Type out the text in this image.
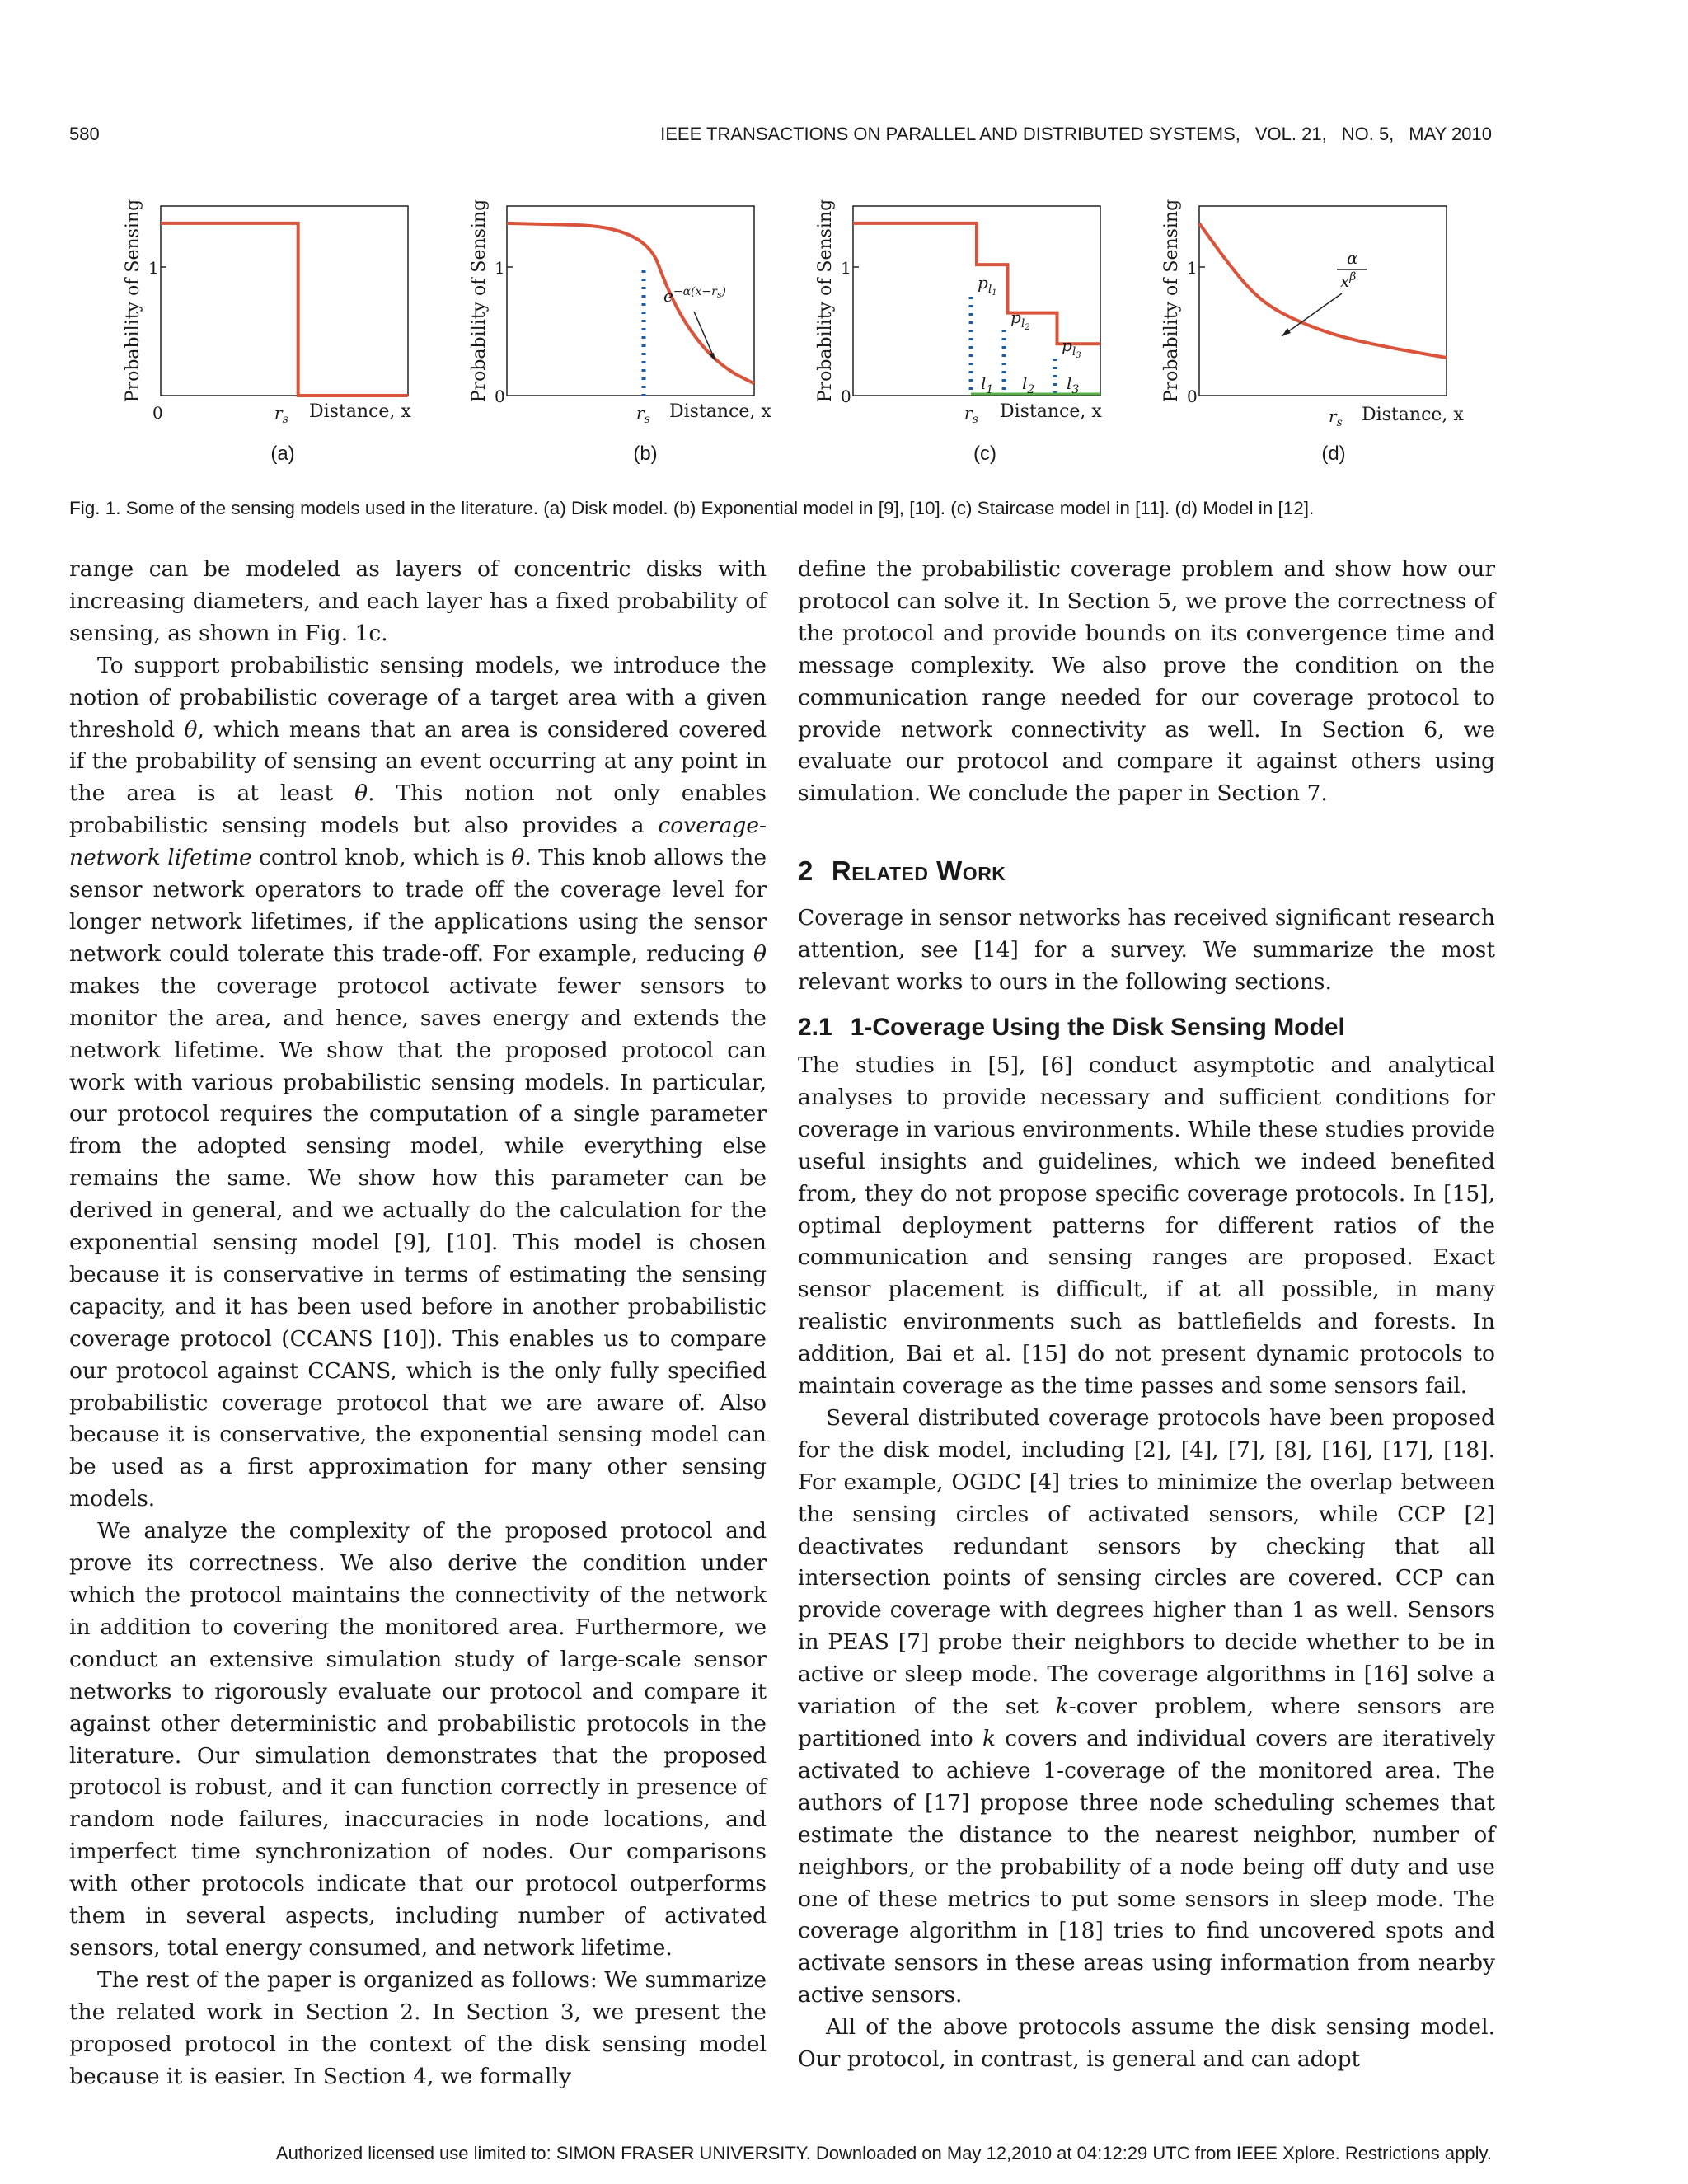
580	IEEE TRANSACTIONS ON PARALLEL AND DISTRIBUTED SYSTEMS, VOL. 21, NO. 5, MAY 2010
Probability of Sensing 1
0	$r_s$ Distance, x
(a)
Probability of Sensing 1
0
$r_s$ Distance, x
$e^{-\alpha(x-r}s$)
(b)
Probability of Sensing 1
0
$r_s$ Distance, x
$p_l1$
$p_l2$
$p_l3$
$l_1$ $l_2$ $l_3$
(c)
Probability of Sensing 1
0
$r_s$ Distance, x
α
$x^\beta$
(d)
Fig. 1. Some of the sensing models used in the literature. (a) Disk model. (b) Exponential model in [9], [10]. (c) Staircase model in [11]. (d) Model in [12].

range can be modeled as layers of concentric disks with increasing diameters, and each layer has a fixed probability of sensing, as shown in Fig. 1c.

To support probabilistic sensing models, we introduce the notion of probabilistic coverage of a target area with a given threshold θ, which means that an area is considered covered if the probability of sensing an event occurring at any point in the area is at least θ. This notion not only enables probabilistic sensing models but also provides a coverage-network lifetime control knob, which is θ. This knob allows the sensor network operators to trade off the coverage level for longer network lifetimes, if the applications using the sensor network could tolerate this trade-off. For example, reducing θ makes the coverage protocol activate fewer sensors to monitor the area, and hence, saves energy and extends the network lifetime. We show that the proposed protocol can work with various probabilistic sensing models. In particular, our protocol requires the computation of a single parameter from the adopted sensing model, while everything else remains the same. We show how this parameter can be derived in general, and we actually do the calculation for the exponential sensing model [9], [10]. This model is chosen because it is conservative in terms of estimating the sensing capacity, and it has been used before in another probabilistic coverage protocol (CCANS [10]). This enables us to compare our protocol against CCANS, which is the only fully specified probabilistic coverage protocol that we are aware of. Also because it is conservative, the exponential sensing model can be used as a first approximation for many other sensing models.

We analyze the complexity of the proposed protocol and prove its correctness. We also derive the condition under which the protocol maintains the connectivity of the network in addition to covering the monitored area. Furthermore, we conduct an extensive simulation study of large-scale sensor networks to rigorously evaluate our protocol and compare it against other deterministic and probabilistic protocols in the literature. Our simulation demonstrates that the proposed protocol is robust, and it can function correctly in presence of random node failures, inaccuracies in node locations, and imperfect time synchronization of nodes. Our comparisons with other protocols indicate that our protocol outperforms them in several aspects, including number of activated sensors, total energy consumed, and network lifetime.

The rest of the paper is organized as follows: We summarize the related work in Section 2. In Section 3, we present the proposed protocol in the context of the disk sensing model because it is easier. In Section 4, we formally

define the probabilistic coverage problem and show how our protocol can solve it. In Section 5, we prove the correctness of the protocol and provide bounds on its convergence time and message complexity. We also prove the condition on the communication range needed for our coverage protocol to provide network connectivity as well. In Section 6, we evaluate our protocol and compare it against others using simulation. We conclude the paper in Section 7.

2 Related Work

Coverage in sensor networks has received significant research attention, see [14] for a survey. We summarize the most relevant works to ours in the following sections.

2.1 1-Coverage Using the Disk Sensing Model

The studies in [5], [6] conduct asymptotic and analytical analyses to provide necessary and sufficient conditions for coverage in various environments. While these studies provide useful insights and guidelines, which we indeed benefited from, they do not propose specific coverage protocols. In [15], optimal deployment patterns for different ratios of the communication and sensing ranges are proposed. Exact sensor placement is difficult, if at all possible, in many realistic environments such as battlefields and forests. In addition, Bai et al. [15] do not present dynamic protocols to maintain coverage as the time passes and some sensors fail.

Several distributed coverage protocols have been proposed for the disk model, including [2], [4], [7], [8], [16], [17], [18]. For example, OGDC [4] tries to minimize the overlap between the sensing circles of activated sensors, while CCP [2] deactivates redundant sensors by checking that all intersection points of sensing circles are covered. CCP can provide coverage with degrees higher than 1 as well. Sensors in PEAS [7] probe their neighbors to decide whether to be in active or sleep mode. The coverage algorithms in [16] solve a variation of the set k-cover problem, where sensors are partitioned into k covers and individual covers are iteratively activated to achieve 1-coverage of the monitored area. The authors of [17] propose three node scheduling schemes that estimate the distance to the nearest neighbor, number of neighbors, or the probability of a node being off duty and use one of these metrics to put some sensors in sleep mode. The coverage algorithm in [18] tries to find uncovered spots and activate sensors in these areas using information from nearby active sensors.

All of the above protocols assume the disk sensing model. Our protocol, in contrast, is general and can adopt

Authorized licensed use limited to: SIMON FRASER UNIVERSITY. Downloaded on May 12,2010 at 04:12:29 UTC from IEEE Xplore. Restrictions apply.
